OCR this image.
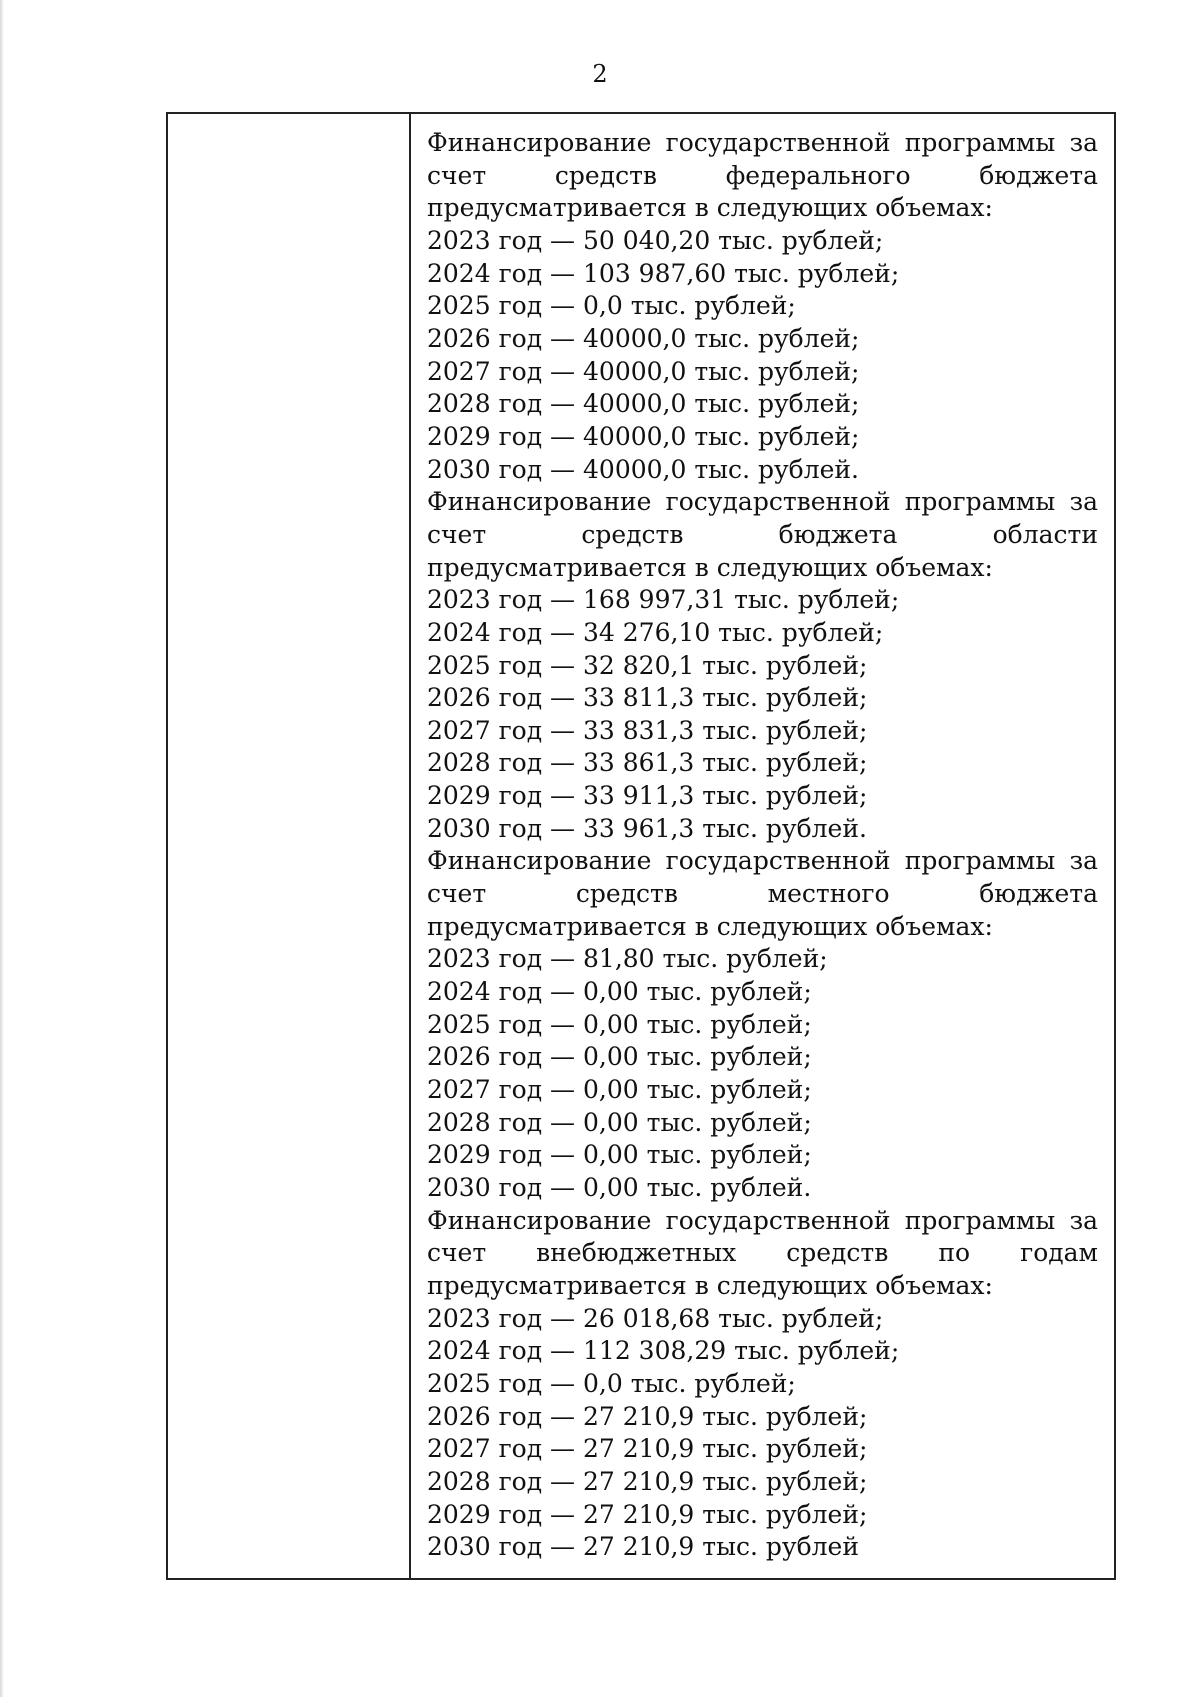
2

Финансирование государственной программы за счет средств федерального бюджета предусматривается в следующих объемах:

2023 год — 50 040,20 тыс. рублей;

2024 год — 103 987,60 тыс. рублей;

2025 год — 0,0 тыс. рублей;

2026 год — 40000,0 тыс. рублей;

2027 год — 40000,0 тыс. рублей;

2028 год — 40000,0 тыс. рублей;

2029 год — 40000,0 тыс. рублей;

2030 год — 40000,0 тыс. рублей.

Финансирование государственной программы за счет средств бюджета области предусматривается в следующих объемах:

2023 год — 168 997,31 тыс. рублей;

2024 год — 34 276,10 тыс. рублей;

2025 год — 32 820,1 тыс. рублей;

2026 год — 33 811,3 тыс. рублей;

2027 год — 33 831,3 тыс. рублей;

2028 год — 33 861,3 тыс. рублей;

2029 год — 33 911,3 тыс. рублей;

2030 год — 33 961,3 тыс. рублей.

Финансирование государственной программы за счет средств местного бюджета предусматривается в следующих объемах:

2023 год — 81,80 тыс. рублей;

2024 год — 0,00 тыс. рублей;

2025 год — 0,00 тыс. рублей;

2026 год — 0,00 тыс. рублей;

2027 год — 0,00 тыс. рублей;

2028 год — 0,00 тыс. рублей;

2029 год — 0,00 тыс. рублей;

2030 год — 0,00 тыс. рублей.

Финансирование государственной программы за счет внебюджетных средств по годам предусматривается в следующих объемах:

2023 год — 26 018,68 тыс. рублей;

2024 год — 112 308,29 тыс. рублей;

2025 год — 0,0 тыс. рублей;

2026 год — 27 210,9 тыс. рублей;

2027 год — 27 210,9 тыс. рублей;

2028 год — 27 210,9 тыс. рублей;

2029 год — 27 210,9 тыс. рублей;

2030 год — 27 210,9 тыс. рублей
